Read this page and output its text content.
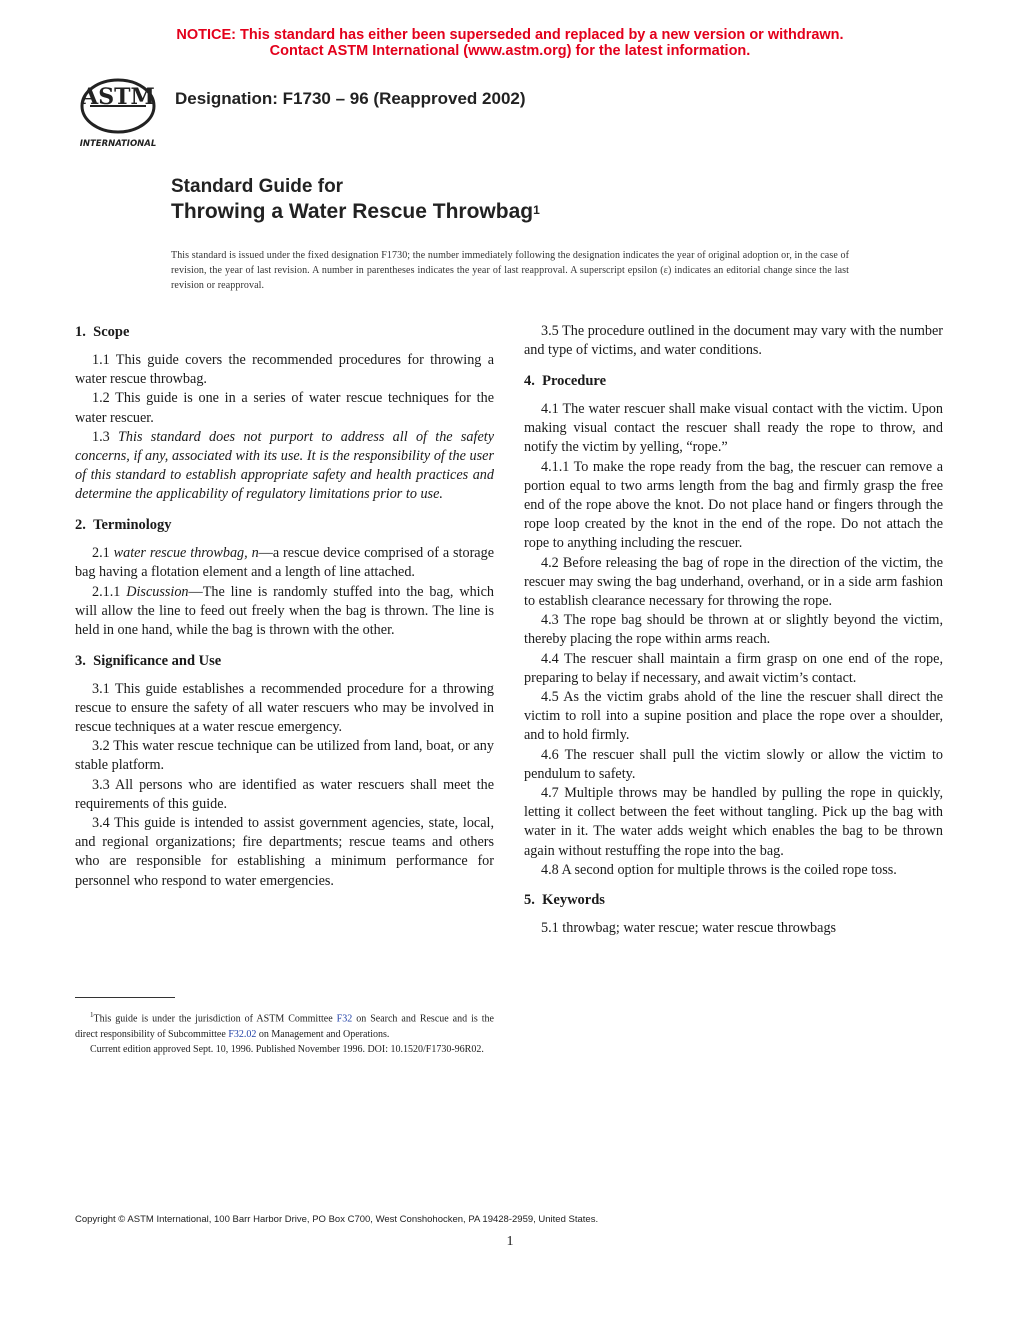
NOTICE: This standard has either been superseded and replaced by a new version or withdrawn.
Contact ASTM International (www.astm.org) for the latest information.
ASTM
INTERNATIONAL
Designation: F1730 – 96 (Reapproved 2002)
Standard Guide for
Throwing a Water Rescue Throwbag$^1$
This standard is issued under the fixed designation F1730; the number immediately following the designation indicates the year of original adoption or, in the case of revision, the year of last revision. A number in parentheses indicates the year of last reapproval. A superscript epsilon (ε) indicates an editorial change since the last revision or reapproval.
1. Scope

1.1 This guide covers the recommended procedures for throwing a water rescue throwbag.

1.2 This guide is one in a series of water rescue techniques for the water rescuer.

1.3 This standard does not purport to address all of the safety concerns, if any, associated with its use. It is the responsibility of the user of this standard to establish appropriate safety and health practices and determine the applicability of regulatory limitations prior to use.

2. Terminology

2.1 water rescue throwbag, n—a rescue device comprised of a storage bag having a flotation element and a length of line attached.

2.1.1 Discussion—The line is randomly stuffed into the bag, which will allow the line to feed out freely when the bag is thrown. The line is held in one hand, while the bag is thrown with the other.

3. Significance and Use

3.1 This guide establishes a recommended procedure for a throwing rescue to ensure the safety of all water rescuers who may be involved in rescue techniques at a water rescue emergency.

3.2 This water rescue technique can be utilized from land, boat, or any stable platform.

3.3 All persons who are identified as water rescuers shall meet the requirements of this guide.

3.4 This guide is intended to assist government agencies, state, local, and regional organizations; fire departments; rescue teams and others who are responsible for establishing a minimum performance for personnel who respond to water emergencies.

3.5 The procedure outlined in the document may vary with the number and type of victims, and water conditions.

4. Procedure

4.1 The water rescuer shall make visual contact with the victim. Upon making visual contact the rescuer shall ready the rope to throw, and notify the victim by yelling, “rope.”

4.1.1 To make the rope ready from the bag, the rescuer can remove a portion equal to two arms length from the bag and firmly grasp the free end of the rope above the knot. Do not place hand or fingers through the rope loop created by the knot in the end of the rope. Do not attach the rope to anything including the rescuer.

4.2 Before releasing the bag of rope in the direction of the victim, the rescuer may swing the bag underhand, overhand, or in a side arm fashion to establish clearance necessary for throwing the rope.

4.3 The rope bag should be thrown at or slightly beyond the victim, thereby placing the rope within arms reach.

4.4 The rescuer shall maintain a firm grasp on one end of the rope, preparing to belay if necessary, and await victim’s contact.

4.5 As the victim grabs ahold of the line the rescuer shall direct the victim to roll into a supine position and place the rope over a shoulder, and to hold firmly.

4.6 The rescuer shall pull the victim slowly or allow the victim to pendulum to safety.

4.7 Multiple throws may be handled by pulling the rope in quickly, letting it collect between the feet without tangling. Pick up the bag with water in it. The water adds weight which enables the bag to be thrown again without restuffing the rope into the bag.

4.8 A second option for multiple throws is the coiled rope toss.

5. Keywords

5.1 throwbag; water rescue; water rescue throwbags

$^1$This guide is under the jurisdiction of ASTM Committee F32 on Search and Rescue and is the direct responsibility of Subcommittee F32.02 on Management and Operations.

Current edition approved Sept. 10, 1996. Published November 1996. DOI: 10.1520/F1730-96R02.

Copyright © ASTM International, 100 Barr Harbor Drive, PO Box C700, West Conshohocken, PA 19428-2959, United States.
1
